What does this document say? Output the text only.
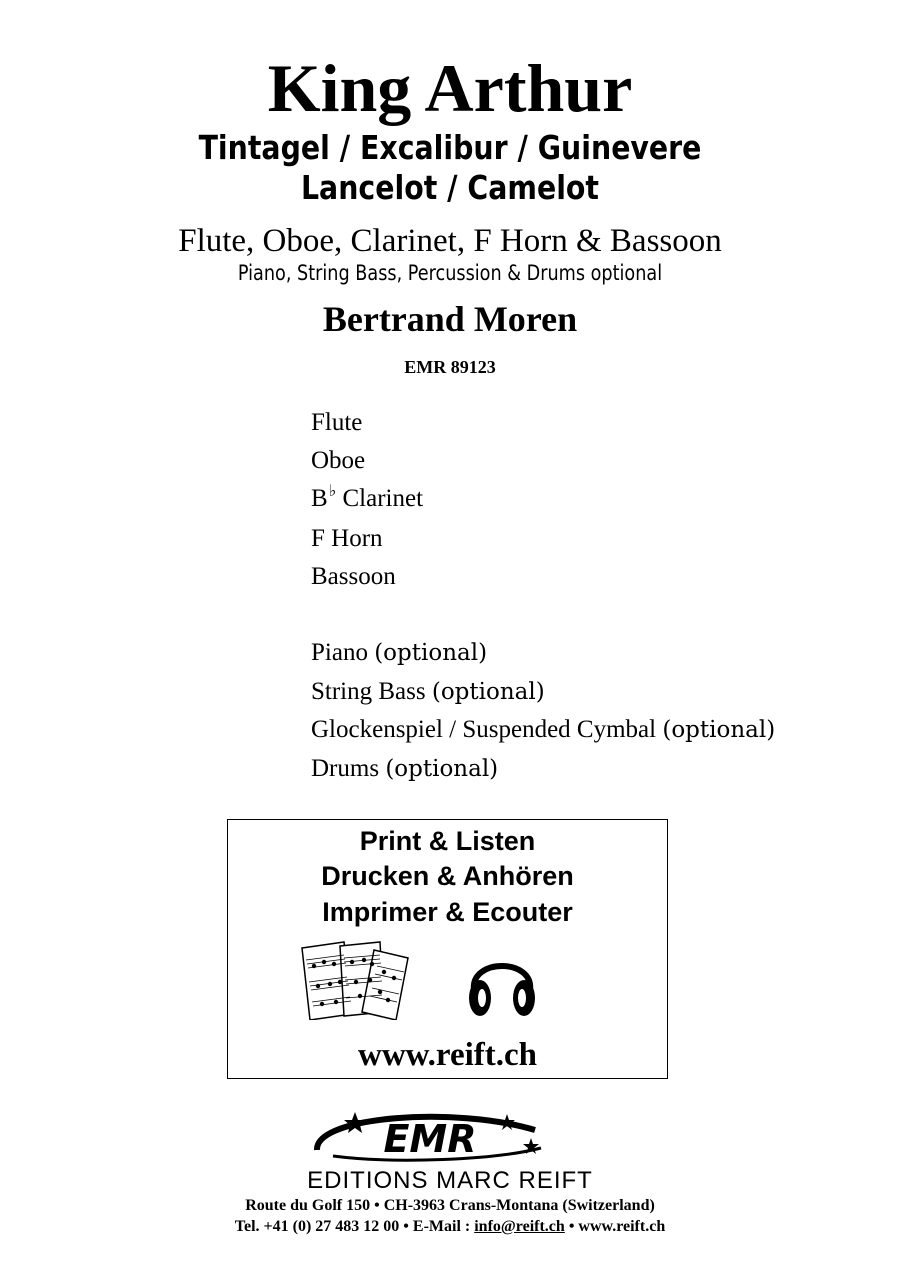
King Arthur
Tintagel / Excalibur / Guinevere
Lancelot / Camelot
Flute, Oboe, Clarinet, F Horn & Bassoon
Piano, String Bass, Percussion & Drums optional
Bertrand Moren
EMR 89123
Flute
Oboe
B♭ Clarinet
F Horn
Bassoon
Piano (optional)
String Bass (optional)
Glockenspiel / Suspended Cymbal (optional)
Drums (optional)
Print & Listen
Drucken & Anhören
Imprimer & Ecouter
www.reift.ch
EMR
EDITIONS MARC REIFT
Route du Golf 150 • CH-3963 Crans-Montana (Switzerland)
Tel. +41 (0) 27 483 12 00 • E-Mail : info@reift.ch • www.reift.ch
